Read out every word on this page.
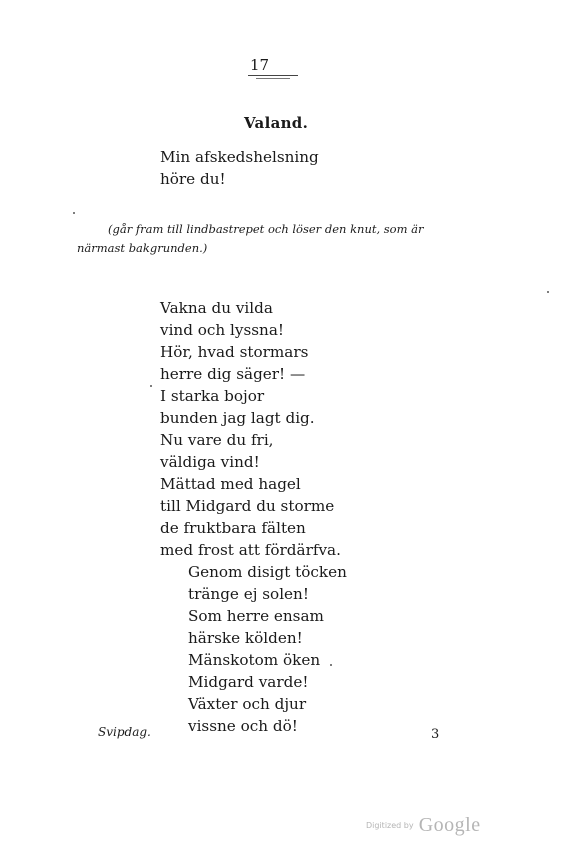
17
Valand.
Min afskedshelsning
höre du!
(går fram till lindbastrepet och löser den knut, som är
närmast bakgrunden.)
Vakna du vilda
vind och lyssna!
Hör, hvad stormars
herre dig säger! —
I starka bojor
bunden jag lagt dig.
Nu vare du fri,
väldiga vind!
Mättad med hagel
till Midgard du storme
de fruktbara fälten
med frost att fördärfva.
Genom disigt töcken
tränge ej solen!
Som herre ensam
härske kölden!
Mänskotom öken
Midgard varde!
Växter och djur
vissne och dö!
Svipdag.	3
Digitized by Google
